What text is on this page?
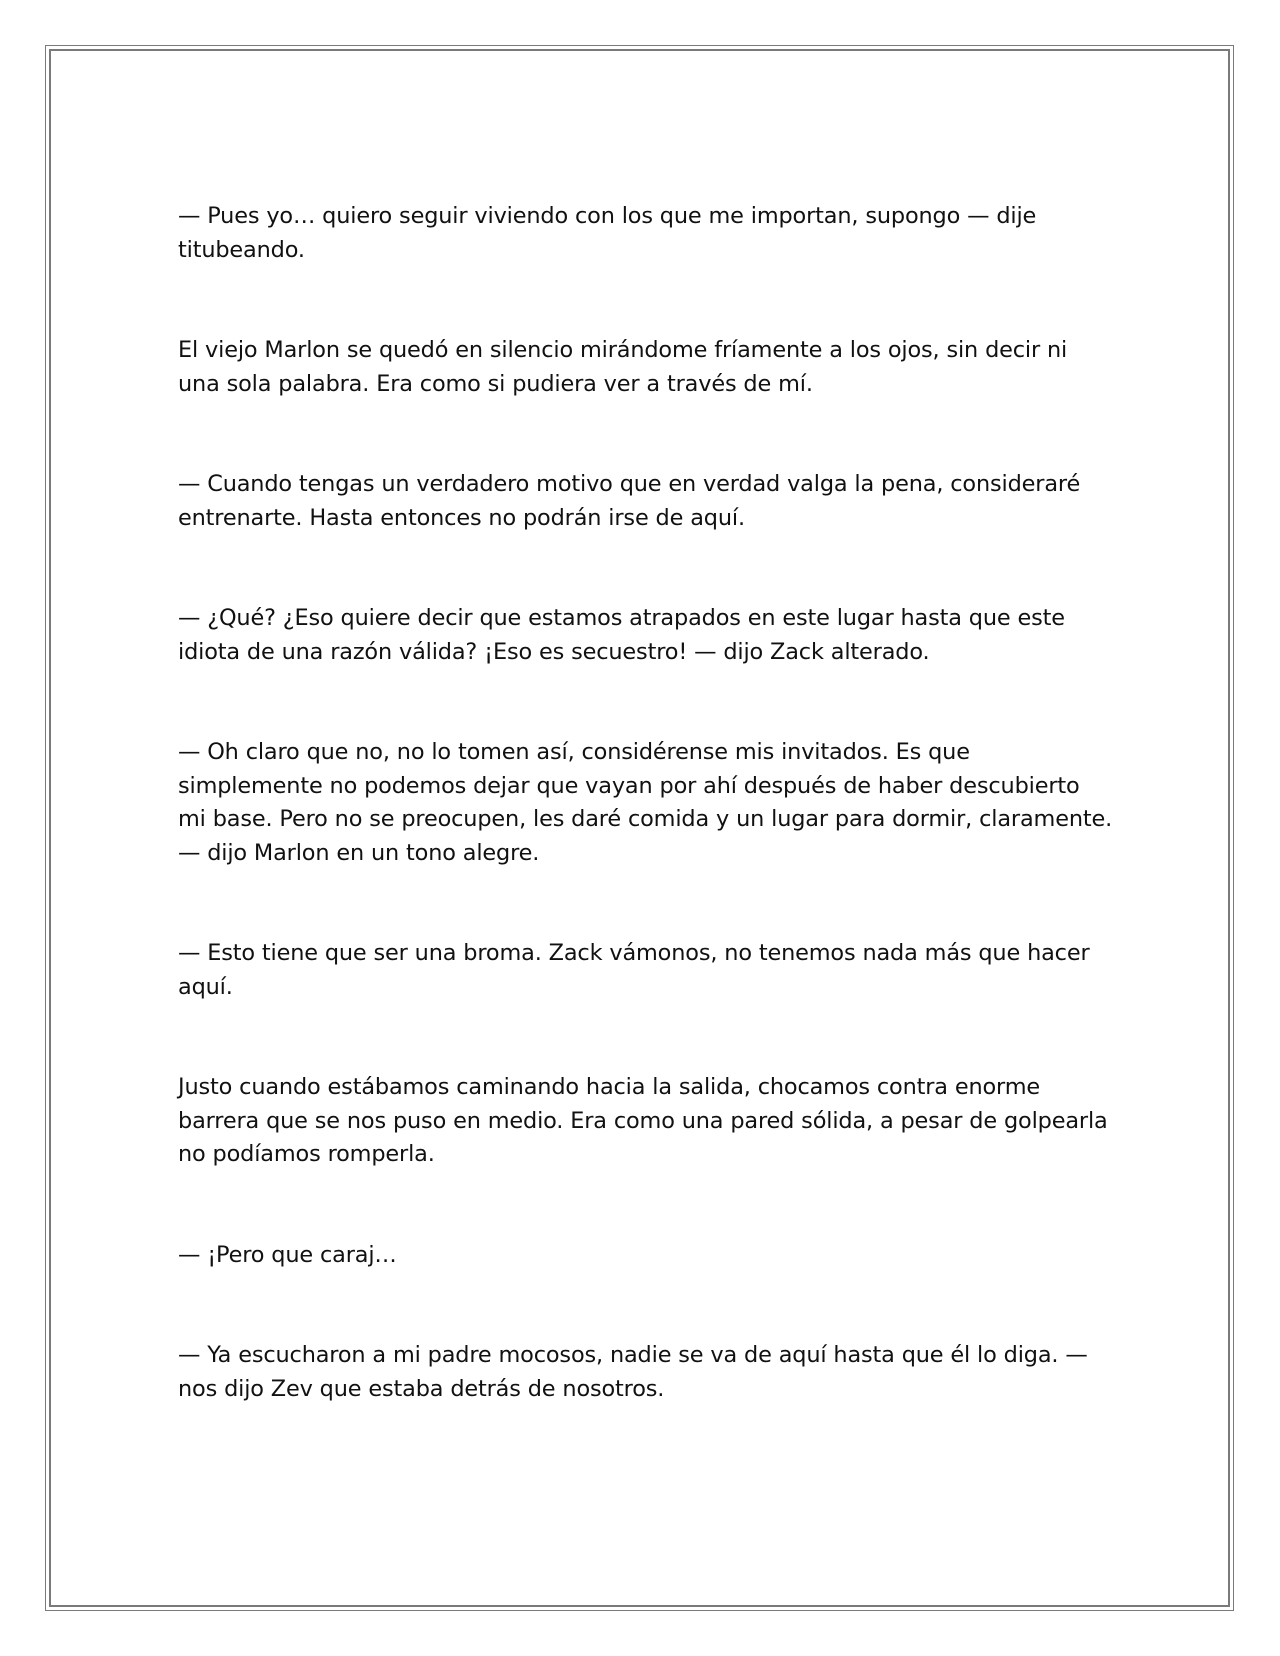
— Pues yo… quiero seguir viviendo con los que me importan, supongo — dije
titubeando.

El viejo Marlon se quedó en silencio mirándome fríamente a los ojos, sin decir ni
una sola palabra. Era como si pudiera ver a través de mí.

— Cuando tengas un verdadero motivo que en verdad valga la pena, consideraré
entrenarte. Hasta entonces no podrán irse de aquí.

— ¿Qué? ¿Eso quiere decir que estamos atrapados en este lugar hasta que este
idiota de una razón válida? ¡Eso es secuestro! — dijo Zack alterado.

— Oh claro que no, no lo tomen así, considérense mis invitados. Es que
simplemente no podemos dejar que vayan por ahí después de haber descubierto
mi base. Pero no se preocupen, les daré comida y un lugar para dormir, claramente.
— dijo Marlon en un tono alegre.

— Esto tiene que ser una broma. Zack vámonos, no tenemos nada más que hacer
aquí.

Justo cuando estábamos caminando hacia la salida, chocamos contra enorme
barrera que se nos puso en medio. Era como una pared sólida, a pesar de golpearla
no podíamos romperla.

— ¡Pero que caraj…

— Ya escucharon a mi padre mocosos, nadie se va de aquí hasta que él lo diga. —
nos dijo Zev que estaba detrás de nosotros.
